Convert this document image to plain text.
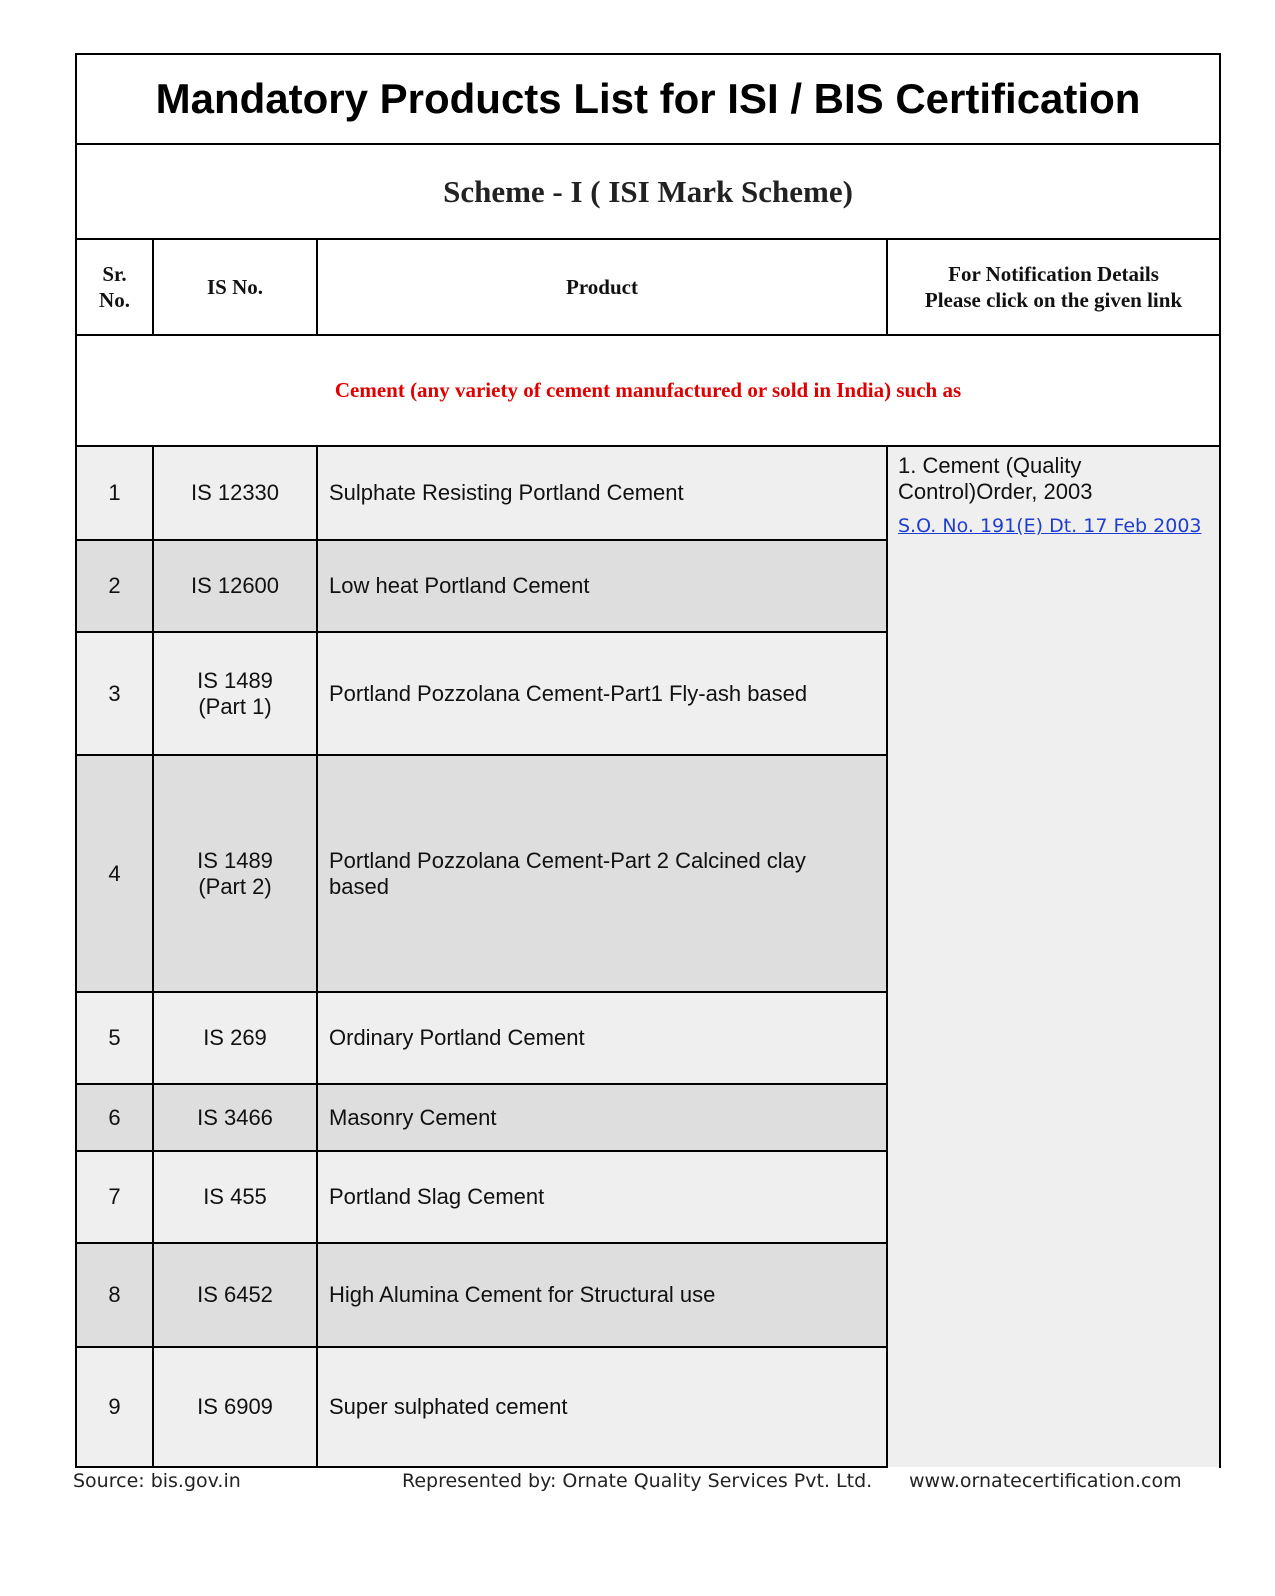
Mandatory Products List for ISI / BIS Certification
Scheme - I ( ISI Mark Scheme)
Sr. No.	IS No.	Product	For Notification Details
Please click on the given link

Cement (any variety of cement manufactured or sold in India) such as			
1	IS 12330	Sulphate Resisting Portland Cement	1. Cement (Quality Control)Order, 2003
S.O. No. 191(E) Dt. 17 Feb 2003
2	IS 12600	Low heat Portland Cement	
3	IS 1489 (Part 1)	Portland Pozzolana Cement-Part1 Fly-ash based	
4	IS 1489 (Part 2)	Portland Pozzolana Cement-Part 2 Calcined clay based	
5	IS 269	Ordinary Portland Cement	
6	IS 3466	Masonry Cement	
7	IS 455	Portland Slag Cement	
8	IS 6452	High Alumina Cement for Structural use	
9	IS 6909	Super sulphated cement	
Source: bis.gov.in	Represented by: Ornate Quality Services Pvt. Ltd. www.ornatecertification.com
